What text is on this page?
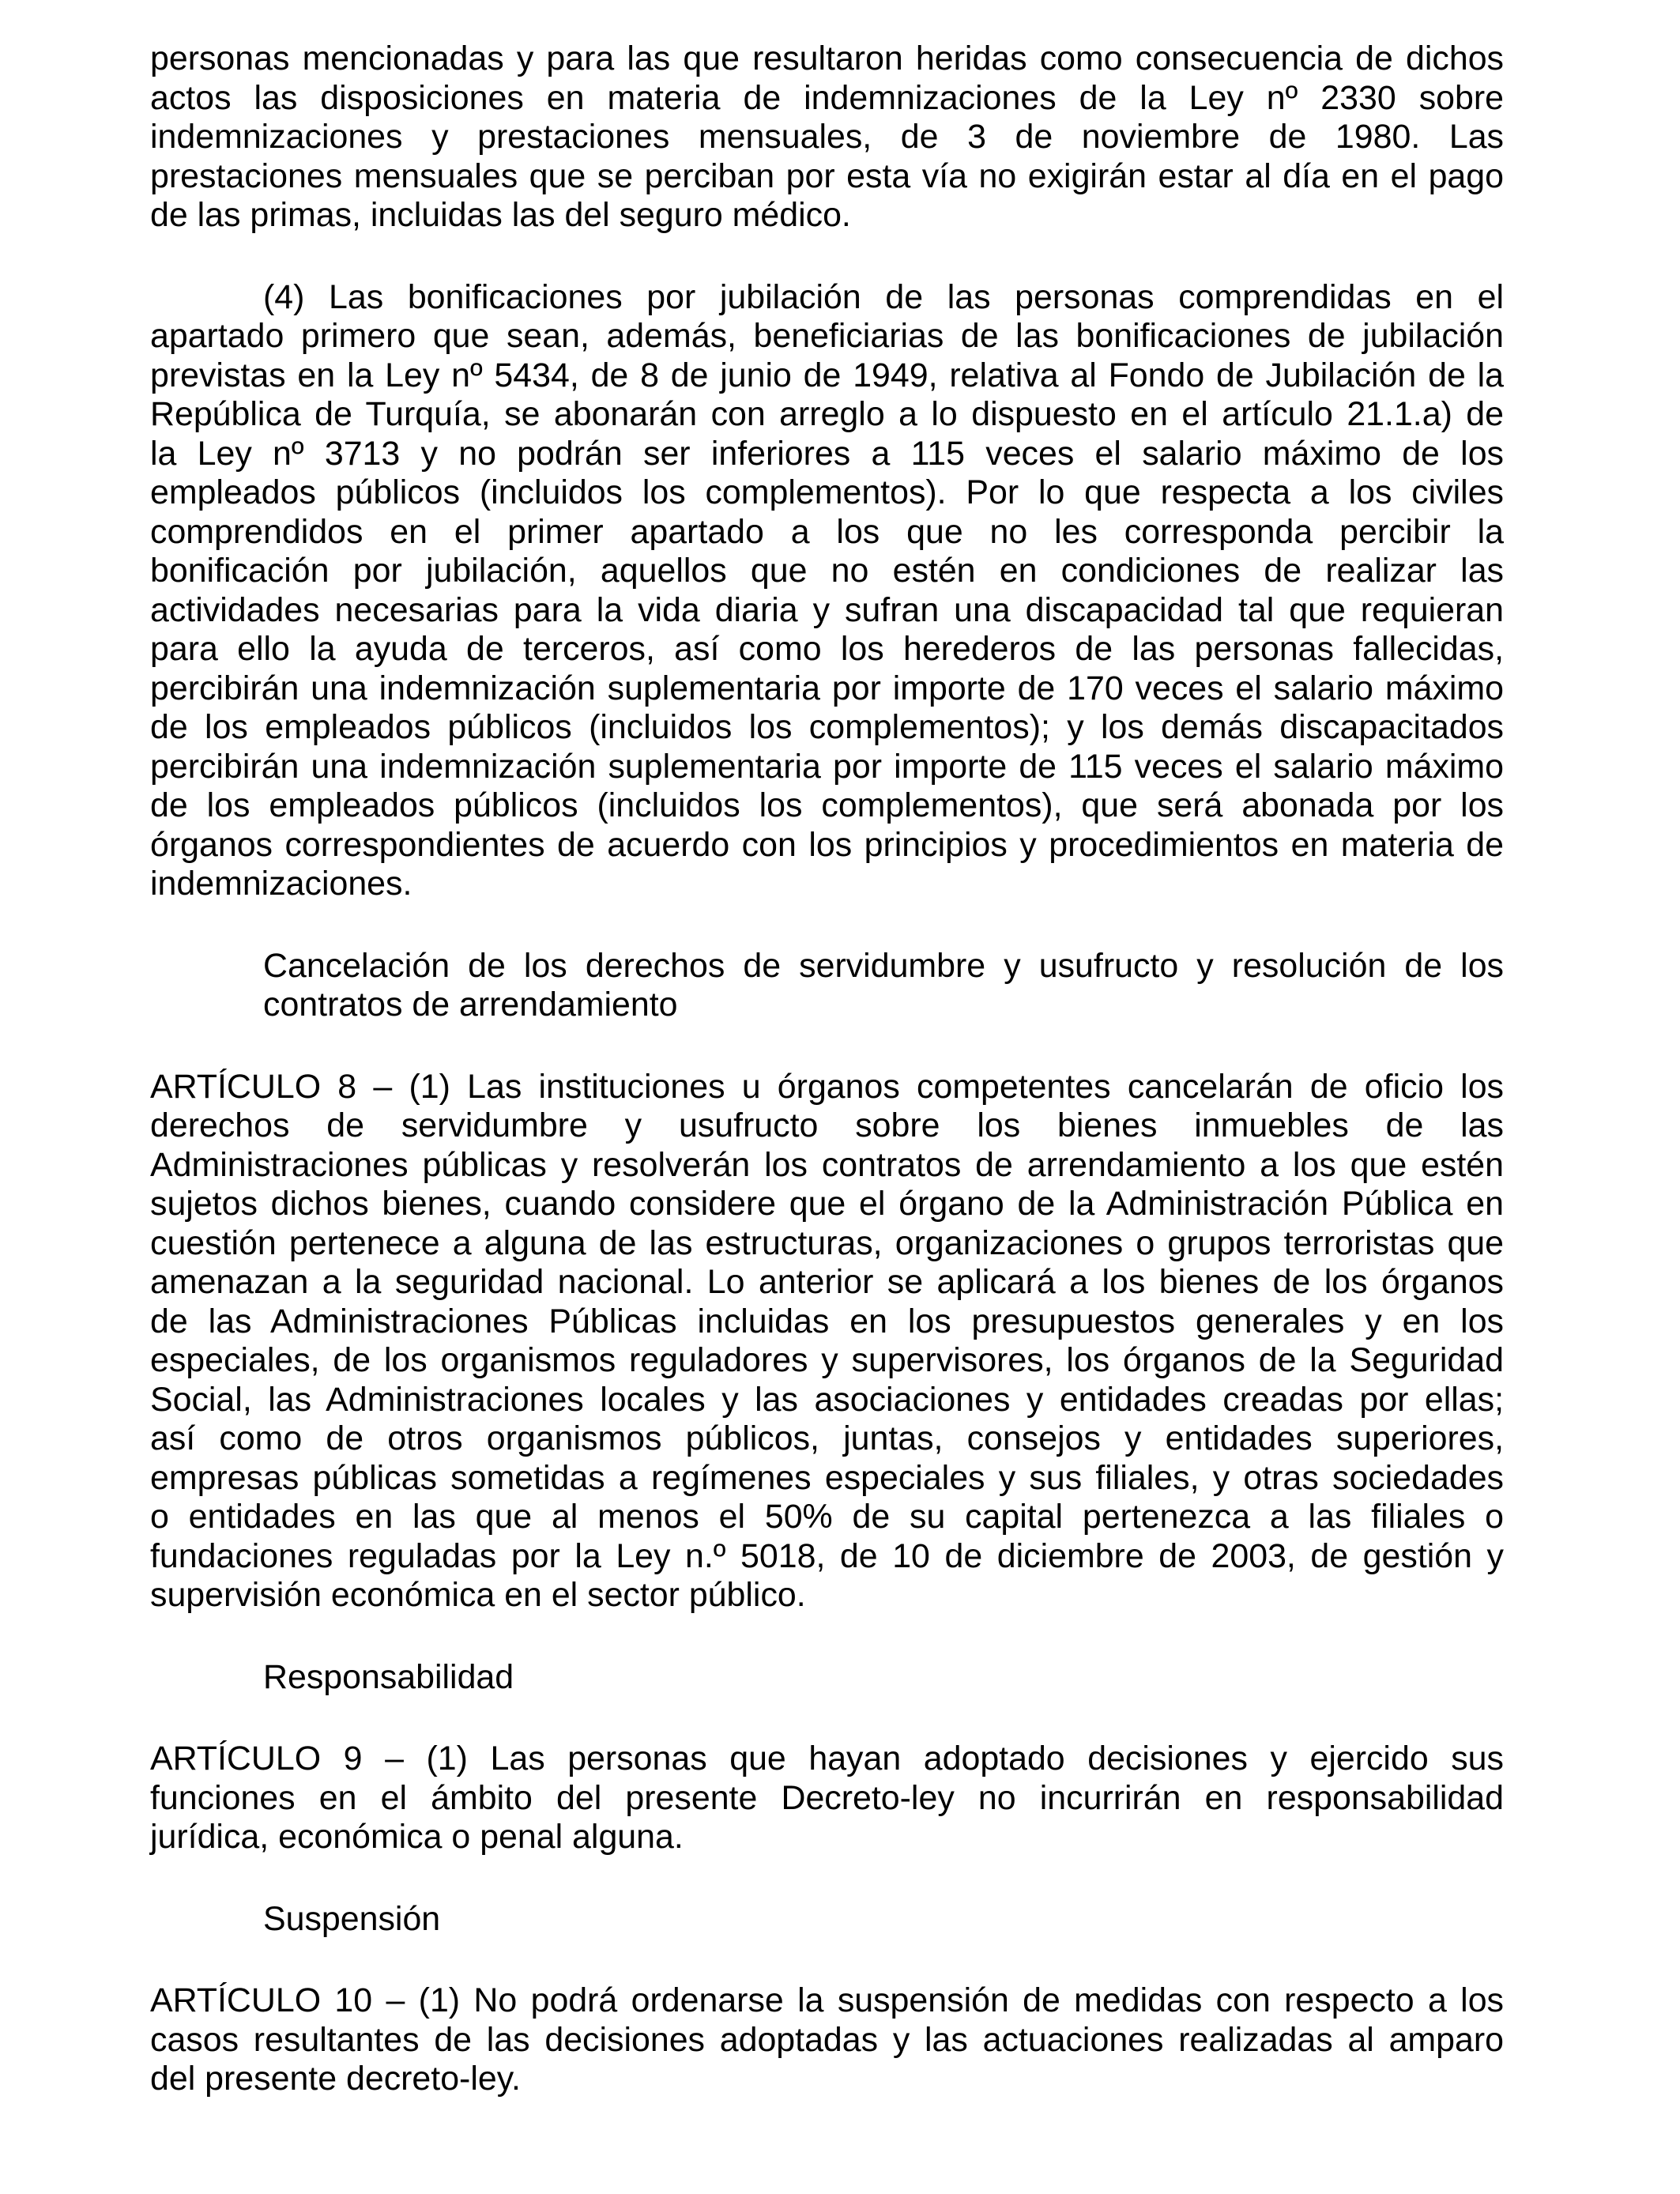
personas mencionadas y para las que resultaron heridas como consecuencia de dichos
actos las disposiciones en materia de indemnizaciones de la Ley nº 2330 sobre
indemnizaciones y prestaciones mensuales, de 3 de noviembre de 1980. Las
prestaciones mensuales que se perciban por esta vía no exigirán estar al día en el pago
de las primas, incluidas las del seguro médico.
(4) Las bonificaciones por jubilación de las personas comprendidas en el
apartado primero que sean, además, beneficiarias de las bonificaciones de jubilación
previstas en la Ley nº 5434, de 8 de junio de 1949, relativa al Fondo de Jubilación de la
República de Turquía, se abonarán con arreglo a lo dispuesto en el artículo 21.1.a) de
la Ley nº 3713 y no podrán ser inferiores a 115 veces el salario máximo de los
empleados públicos (incluidos los complementos). Por lo que respecta a los civiles
comprendidos en el primer apartado a los que no les corresponda percibir la
bonificación por jubilación, aquellos que no estén en condiciones de realizar las
actividades necesarias para la vida diaria y sufran una discapacidad tal que requieran
para ello la ayuda de terceros, así como los herederos de las personas fallecidas,
percibirán una indemnización suplementaria por importe de 170 veces el salario máximo
de los empleados públicos (incluidos los complementos); y los demás discapacitados
percibirán una indemnización suplementaria por importe de 115 veces el salario máximo
de los empleados públicos (incluidos los complementos), que será abonada por los
órganos correspondientes de acuerdo con los principios y procedimientos en materia de
indemnizaciones.
Cancelación de los derechos de servidumbre y usufructo y resolución de los
contratos de arrendamiento
ARTÍCULO 8 – (1) Las instituciones u órganos competentes cancelarán de oficio los
derechos de servidumbre y usufructo sobre los bienes inmuebles de las
Administraciones públicas y resolverán los contratos de arrendamiento a los que estén
sujetos dichos bienes, cuando considere que el órgano de la Administración Pública en
cuestión pertenece a alguna de las estructuras, organizaciones o grupos terroristas que
amenazan a la seguridad nacional. Lo anterior se aplicará a los bienes de los órganos
de las Administraciones Públicas incluidas en los presupuestos generales y en los
especiales, de los organismos reguladores y supervisores, los órganos de la Seguridad
Social, las Administraciones locales y las asociaciones y entidades creadas por ellas;
así como de otros organismos públicos, juntas, consejos y entidades superiores,
empresas públicas sometidas a regímenes especiales y sus filiales, y otras sociedades
o entidades en las que al menos el 50% de su capital pertenezca a las filiales o
fundaciones reguladas por la Ley n.º 5018, de 10 de diciembre de 2003, de gestión y
supervisión económica en el sector público.
Responsabilidad
ARTÍCULO 9 – (1) Las personas que hayan adoptado decisiones y ejercido sus
funciones en el ámbito del presente Decreto-ley no incurrirán en responsabilidad
jurídica, económica o penal alguna.
Suspensión
ARTÍCULO 10 – (1) No podrá ordenarse la suspensión de medidas con respecto a los
casos resultantes de las decisiones adoptadas y las actuaciones realizadas al amparo
del presente decreto-ley.
